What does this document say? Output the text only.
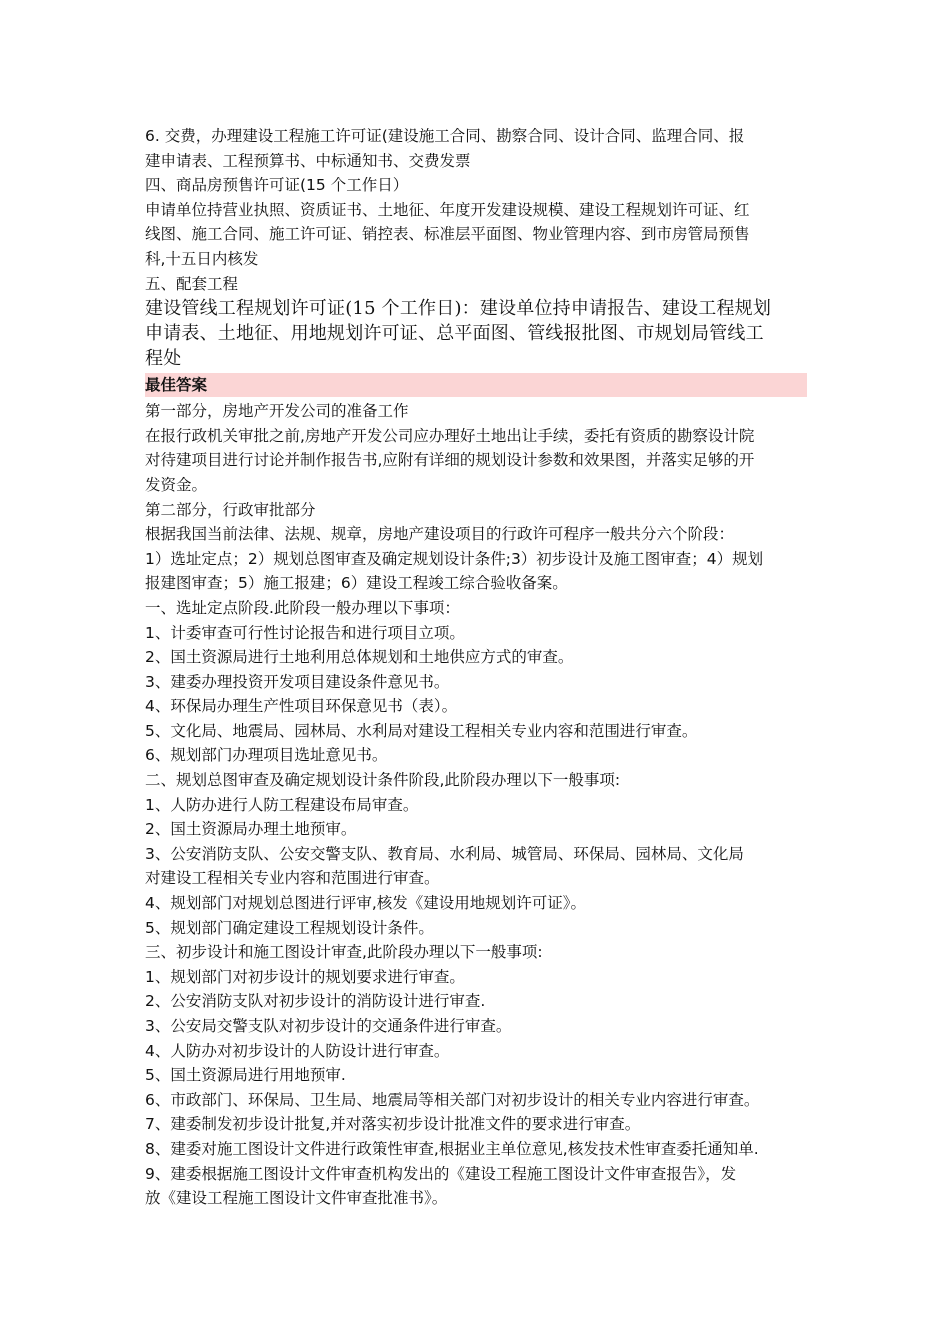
6. 交费，办理建设工程施工许可证(建设施工合同、勘察合同、设计合同、监理合同、报
建申请表、工程预算书、中标通知书、交费发票
四、商品房预售许可证(15 个工作日）
申请单位持营业执照、资质证书、土地征、年度开发建设规模、建设工程规划许可证、红
线图、施工合同、施工许可证、销控表、标准层平面图、物业管理内容、到市房管局预售
科,十五日内核发
五、配套工程
建设管线工程规划许可证(15 个工作日)：建设单位持申请报告、建设工程规划
申请表、土地征、用地规划许可证、总平面图、管线报批图、市规划局管线工
程处
最佳答案
第一部分，房地产开发公司的准备工作
在报行政机关审批之前,房地产开发公司应办理好土地出让手续，委托有资质的勘察设计院
对待建项目进行讨论并制作报告书,应附有详细的规划设计参数和效果图，并落实足够的开
发资金。
第二部分，行政审批部分
根据我国当前法律、法规、规章，房地产建设项目的行政许可程序一般共分六个阶段：
1）选址定点；2）规划总图审查及确定规划设计条件;3）初步设计及施工图审查；4）规划
报建图审查；5）施工报建；6）建设工程竣工综合验收备案。
一、选址定点阶段.此阶段一般办理以下事项：
1、计委审查可行性讨论报告和进行项目立项。
2、国土资源局进行土地利用总体规划和土地供应方式的审查。
3、建委办理投资开发项目建设条件意见书。
4、环保局办理生产性项目环保意见书（表）。
5、文化局、地震局、园林局、水利局对建设工程相关专业内容和范围进行审查。
6、规划部门办理项目选址意见书。
二、规划总图审查及确定规划设计条件阶段,此阶段办理以下一般事项:
1、人防办进行人防工程建设布局审查。
2、国土资源局办理土地预审。
3、公安消防支队、公安交警支队、教育局、水利局、城管局、环保局、园林局、文化局
对建设工程相关专业内容和范围进行审查。
4、规划部门对规划总图进行评审,核发《建设用地规划许可证》。
5、规划部门确定建设工程规划设计条件。
三、初步设计和施工图设计审查,此阶段办理以下一般事项:
1、规划部门对初步设计的规划要求进行审查。
2、公安消防支队对初步设计的消防设计进行审查.
3、公安局交警支队对初步设计的交通条件进行审查。
4、人防办对初步设计的人防设计进行审查。
5、国土资源局进行用地预审.
6、市政部门、环保局、卫生局、地震局等相关部门对初步设计的相关专业内容进行审查。
7、建委制发初步设计批复,并对落实初步设计批准文件的要求进行审查。
8、建委对施工图设计文件进行政策性审查,根据业主单位意见,核发技术性审查委托通知单.
9、建委根据施工图设计文件审查机构发出的《建设工程施工图设计文件审查报告》，发
放《建设工程施工图设计文件审查批准书》。
